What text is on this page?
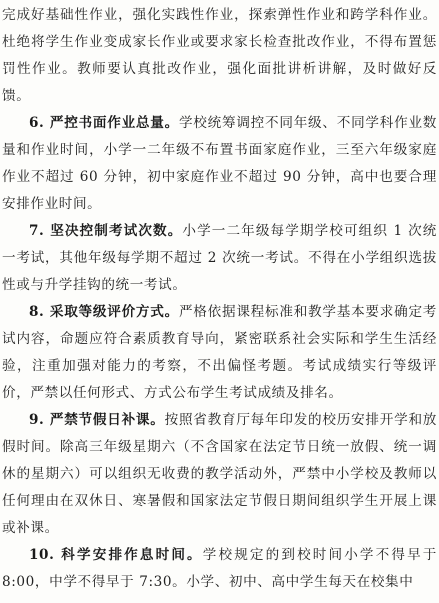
完成好基础性作业，强化实践性作业，探索弹性作业和跨学科作业。杜绝将学生作业变成家长作业或要求家长检查批改作业，不得布置惩罚性作业。教师要认真批改作业，强化面批讲析讲解，及时做好反馈。

6. 严控书面作业总量。学校统筹调控不同年级、不同学科作业数量和作业时间，小学一二年级不布置书面家庭作业，三至六年级家庭作业不超过 60 分钟，初中家庭作业不超过 90 分钟，高中也要合理安排作业时间。

7. 坚决控制考试次数。小学一二年级每学期学校可组织 1 次统一考试，其他年级每学期不超过 2 次统一考试。不得在小学组织选拔性或与升学挂钩的统一考试。

8. 采取等级评价方式。严格依据课程标准和教学基本要求确定考试内容，命题应符合素质教育导向，紧密联系社会实际和学生生活经验，注重加强对能力的考察，不出偏怪考题。考试成绩实行等级评价，严禁以任何形式、方式公布学生考试成绩及排名。

9. 严禁节假日补课。按照省教育厅每年印发的校历安排开学和放假时间。除高三年级星期六（不含国家在法定节日统一放假、统一调休的星期六）可以组织无收费的教学活动外，严禁中小学校及教师以任何理由在双休日、寒暑假和国家法定节假日期间组织学生开展上课或补课。

10. 科学安排作息时间。学校规定的到校时间小学不得早于 8:00，中学不得早于 7:30。小学、初中、高中学生每天在校集中
